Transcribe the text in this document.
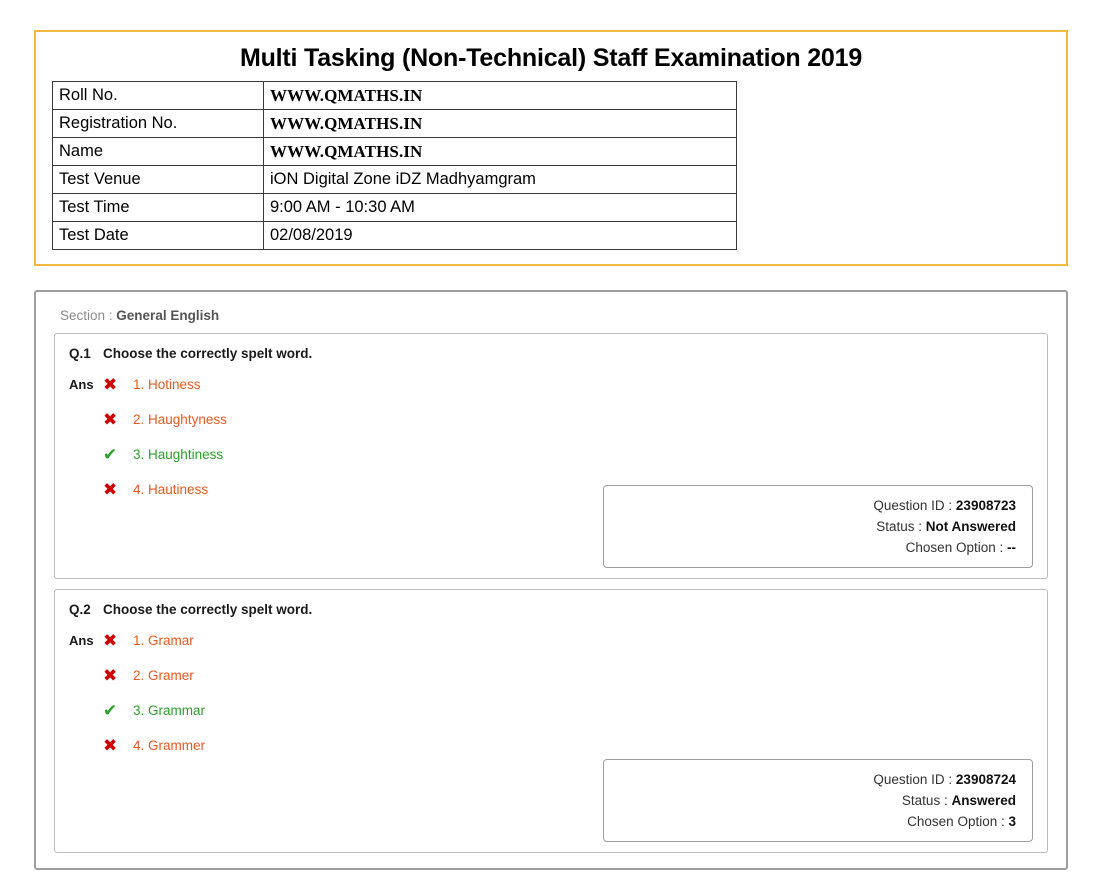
Multi Tasking (Non-Technical) Staff Examination 2019
Roll No.	WWW.QMATHS.IN
Registration No.	WWW.QMATHS.IN
Name	WWW.QMATHS.IN
Test Venue	iON Digital Zone iDZ Madhyamgram
Test Time	9:00 AM - 10:30 AM
Test Date	02/08/2019
Section : General English
Q.1 Choose the correctly spelt word.
Ans ✖	1. Hotiness
✖	2. Haughtyness
✔	3. Haughtiness
✖	4. Hautiness
Question ID : 23908723
Status : Not Answered
Chosen Option : --
Q.2 Choose the correctly spelt word.
Ans ✖	1. Gramar
✖	2. Gramer
✔	3. Grammar
✖	4. Grammer
Question ID : 23908724
Status : Answered
Chosen Option : 3
